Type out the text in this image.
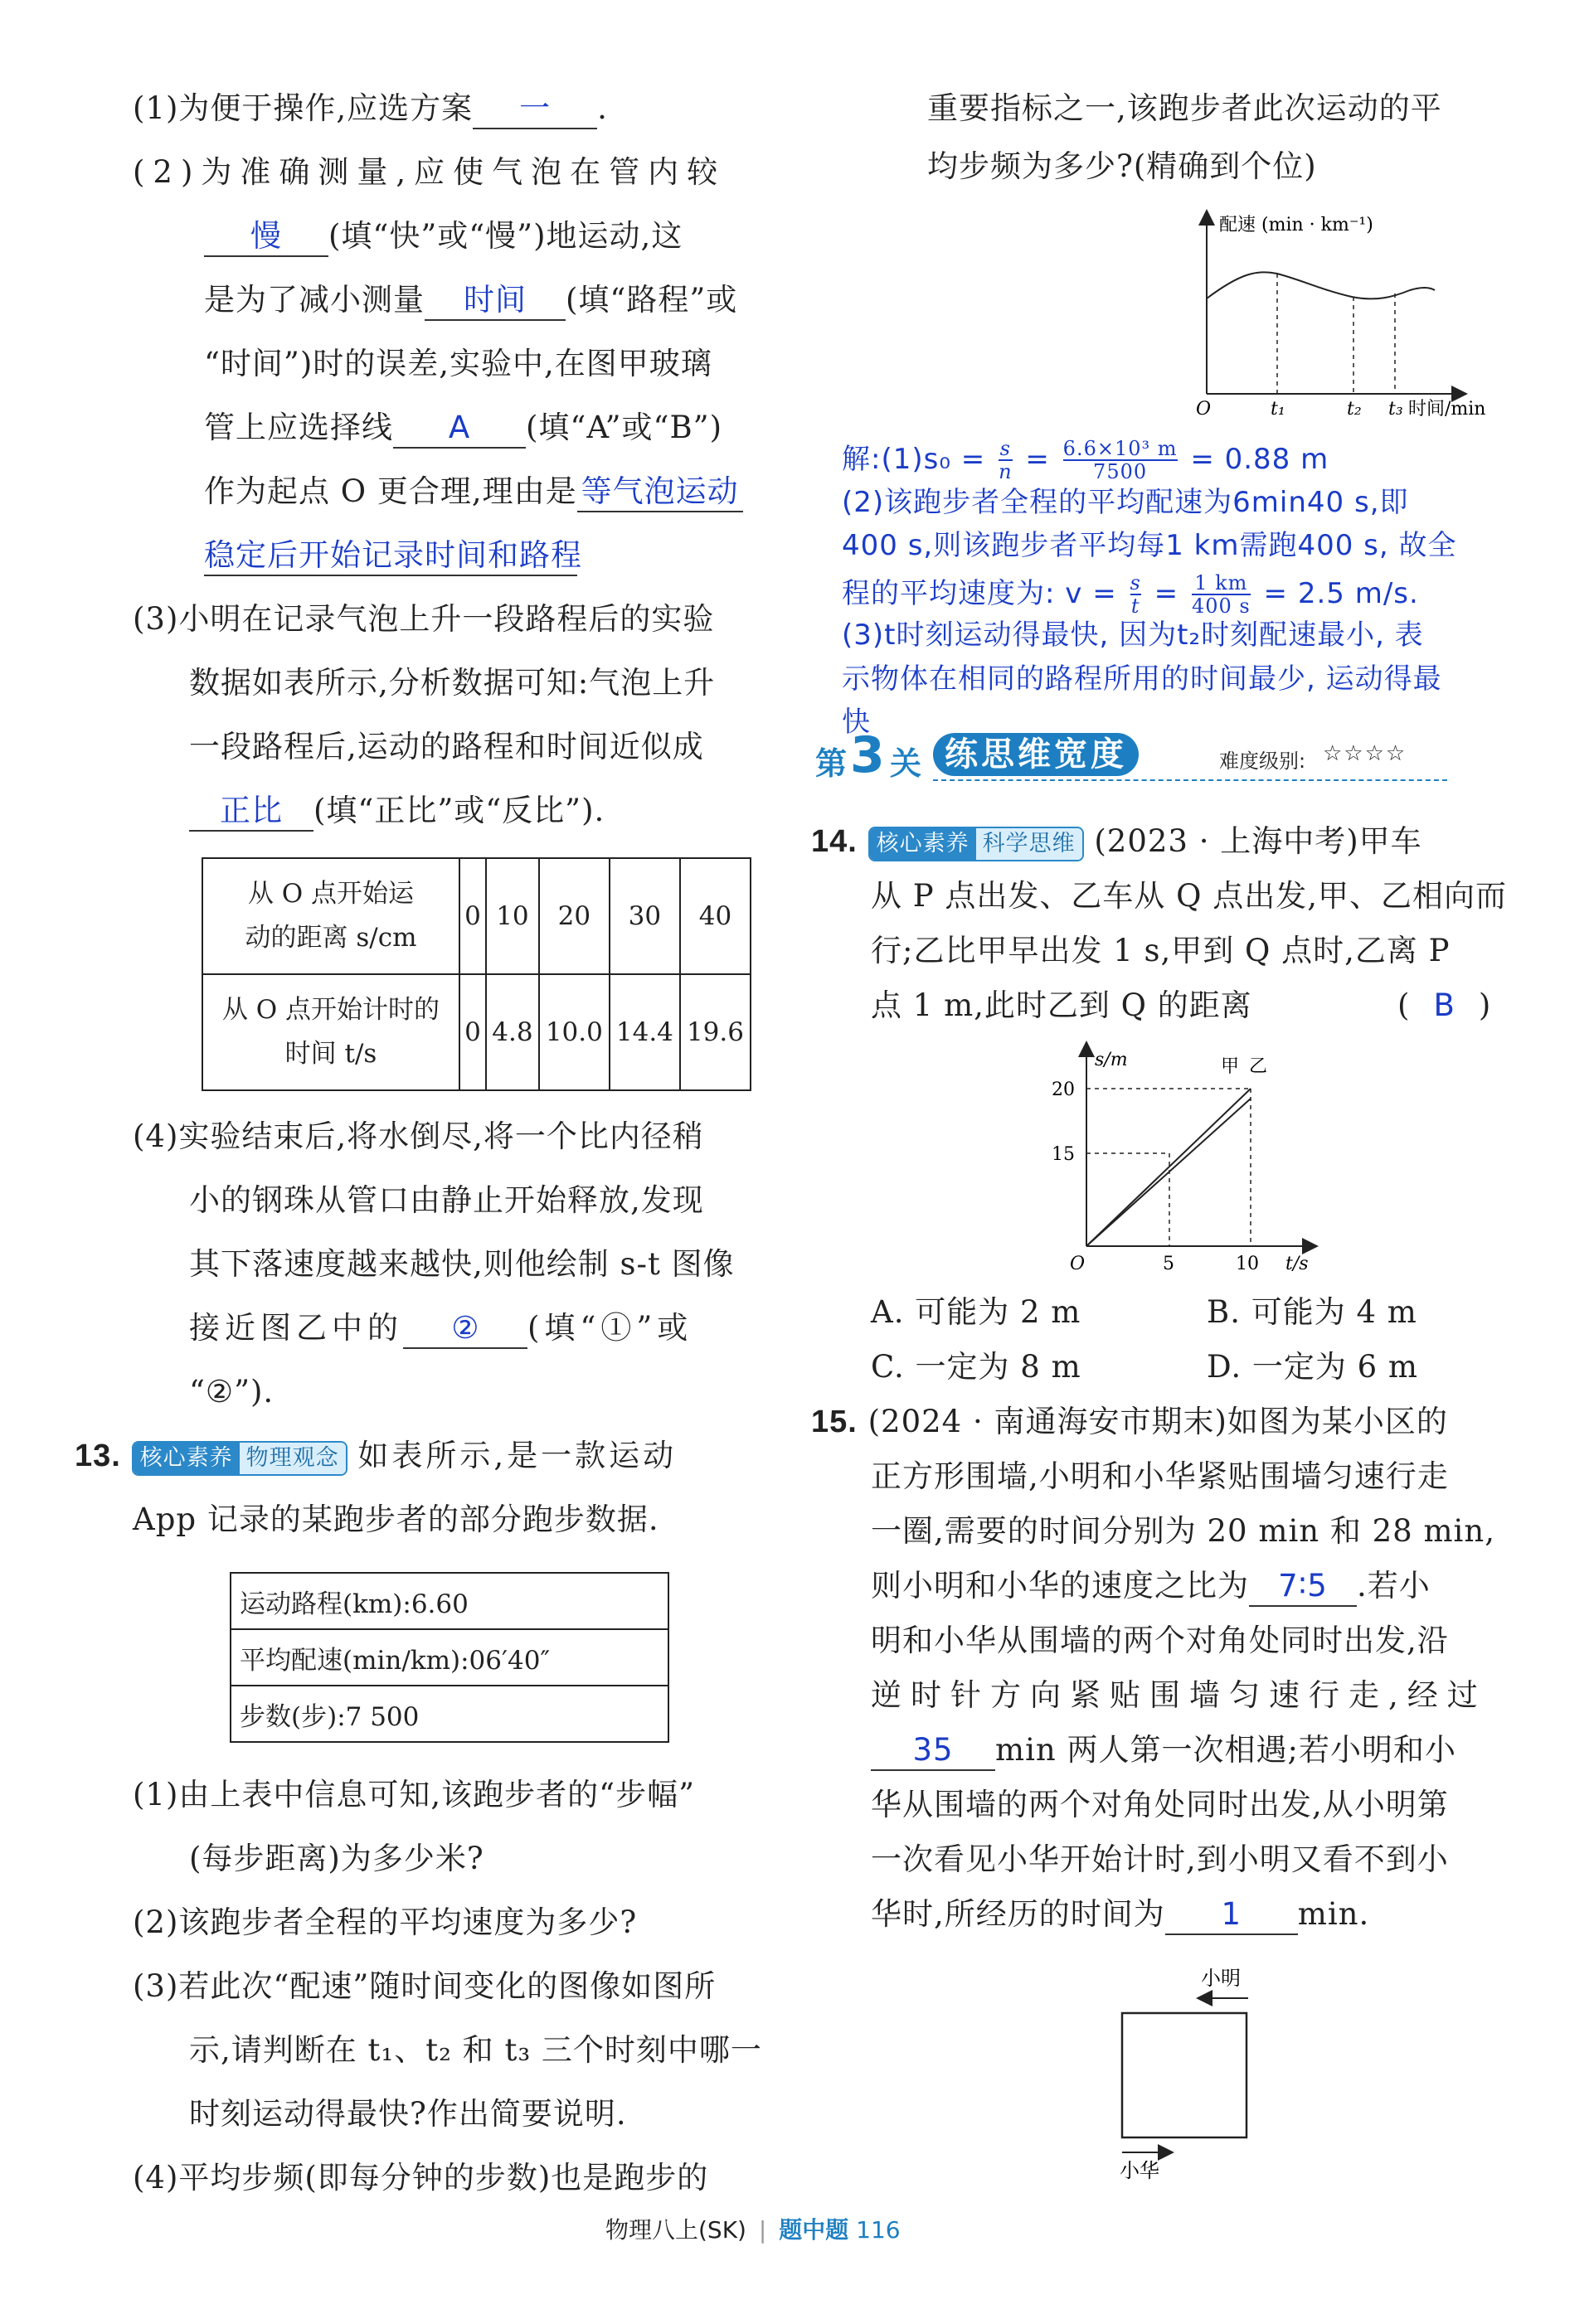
(1)为便于操作,应选方案 一 .
(2)为准确测量,应使气泡在管内较
慢 (填“快”或“慢”)地运动,这
是为了减小测量 时间 (填“路程”或
“时间”)时的误差,实验中,在图甲玻璃
管上应选择线 A (填“A”或“B”)
作为起点 O 更合理,理由是 等气泡运动
稳定后开始记录时间和路程
(3)小明在记录气泡上升一段路程后的实验
数据如表所示,分析数据可知:气泡上升
一段路程后,运动的路程和时间近似成
正比 (填“正比”或“反比”).
从 O 点开始运
动的距离 s/cm	0	10	20	30	40
从 O 点开始计时的
时间 t/s	0	4.8	10.0	14.4	19.6
(4)实验结束后,将水倒尽,将一个比内径稍
小的钢珠从管口由静止开始释放,发现
其下落速度越来越快,则他绘制 s-t 图像
接近图乙中的 ② (填“①”或
“②”).
13. 核心素养 物理观念 如表所示,是一款运动
App 记录的某跑步者的部分跑步数据.
运动路程(km):6.60
平均配速(min/km):06′40″
步数(步):7 500
(1)由上表中信息可知,该跑步者的“步幅”
(每步距离)为多少米?
(2)该跑步者全程的平均速度为多少?
(3)若此次“配速”随时间变化的图像如图所
示,请判断在 t₁、t₂ 和 t₃ 三个时刻中哪一
时刻运动得最快?作出简要说明.
(4)平均步频(即每分钟的步数)也是跑步的
重要指标之一,该跑步者此次运动的平
均步频为多少?(精确到个位)
O	t₁	t₂ t₃ 时间/min
配速 (min · km⁻¹)
解:(1)s₀ = $\frac{s}{n} = \frac{\text{6.6×10³ m}}{7500} = 0.88$ m
(2)该跑步者全程的平均配速为6min40 s,即
400 s,则该跑步者平均每1 km需跑400 s, 故全
程的平均速度为: $v = \frac{s}{t} = \frac{1 km}{400 s} = 2.5$ m/s.
(3)t时刻运动得最快, 因为t₂时刻配速最小, 表
示物体在相同的路程所用的时间最少, 运动得最
快
第 3 关 练思维宽度	难度级别: ☆☆☆☆
14. 核心素养 科学思维 (2023 · 上海中考)甲车
从 P 点出发、乙车从 Q 点出发,甲、乙相向而
行;乙比甲早出发 1 s,甲到 Q 点时,乙离 P
点 1 m,此时乙到 Q 的距离	( B )
s/m
20
15
O	5	10 t/s
甲 乙
A. 可能为 2 m	B. 可能为 4 m
C. 一定为 8 m	D. 一定为 6 m
15. (2024 · 南通海安市期末)如图为某小区的
正方形围墙,小明和小华紧贴围墙匀速行走
一圈,需要的时间分别为 20 min 和 28 min,
则小明和小华的速度之比为 7∶5 .若小
明和小华从围墙的两个对角处同时出发,沿
逆时针方向紧贴围墙匀速行走,经过
35 min 两人第一次相遇;若小明和小
华从围墙的两个对角处同时出发,从小明第
一次看见小华开始计时,到小明又看不到小
华时,所经历的时间为 1 min.
小明
小华
物理八上(SK) | 题中题 116
